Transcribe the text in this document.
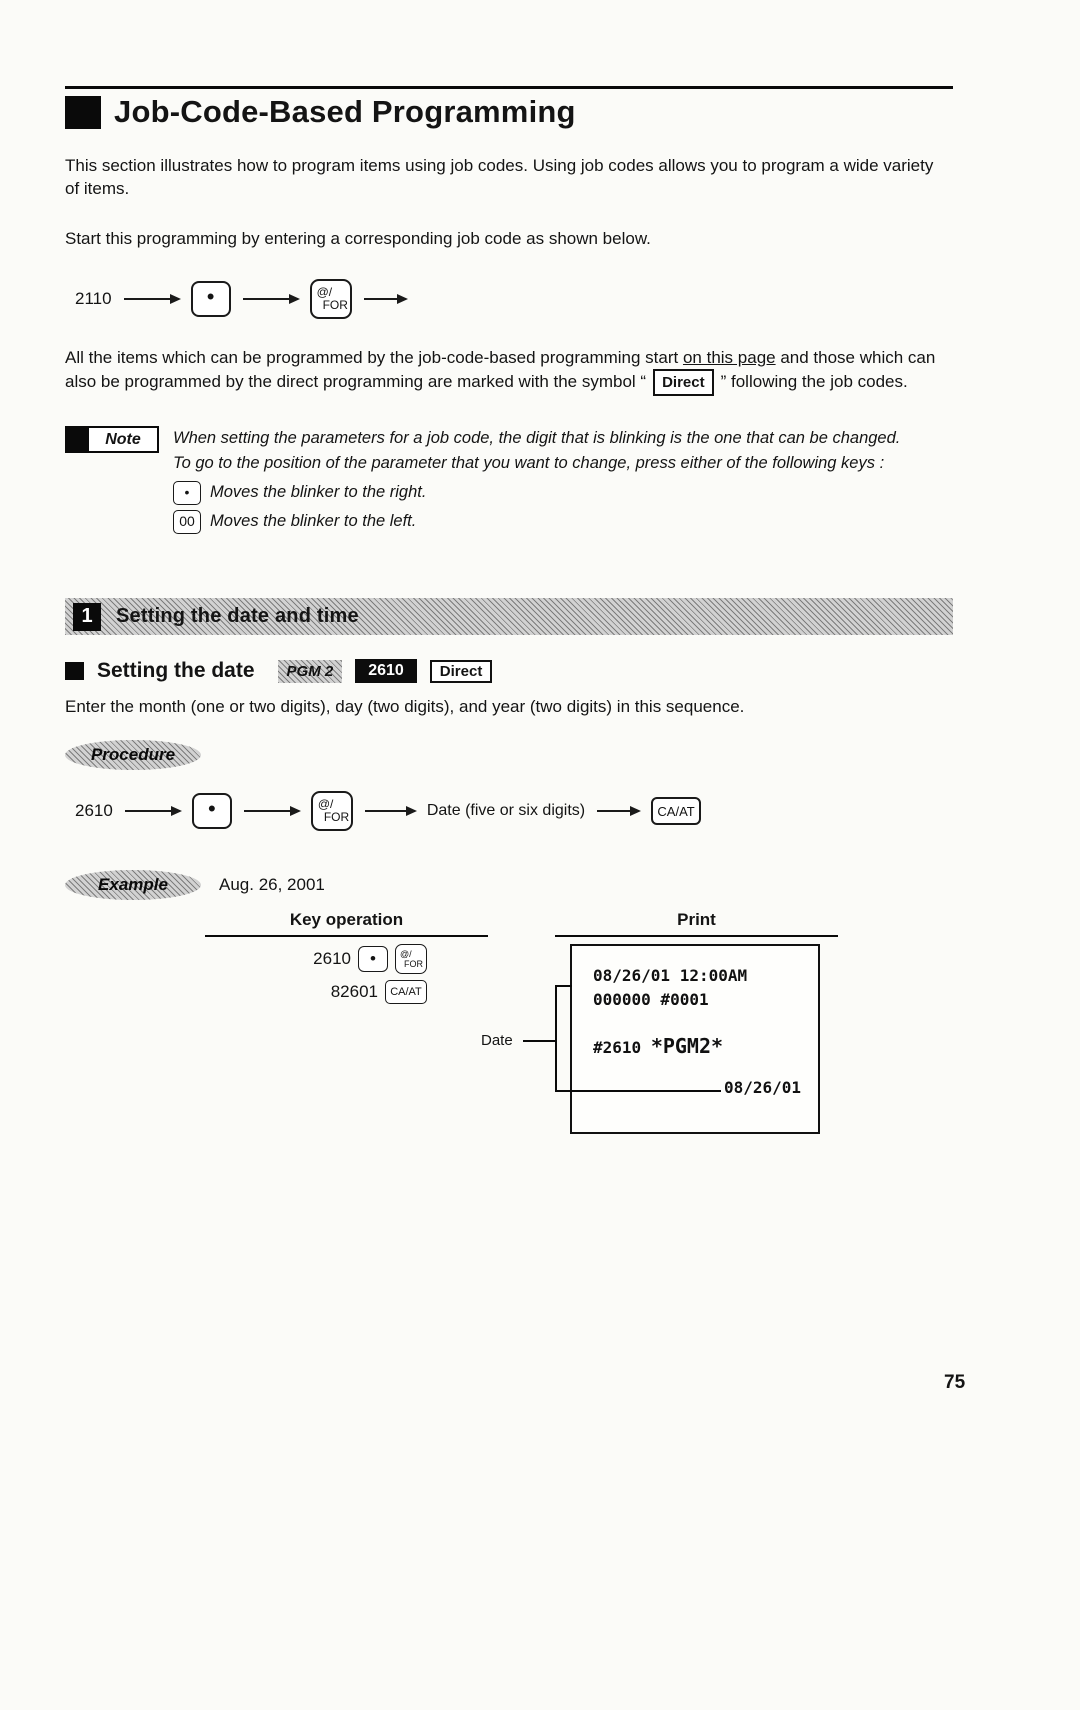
Job-Code-Based Programming

This section illustrates how to program items using job codes. Using job codes allows you to program a wide variety of items.

Start this programming by entering a corresponding job code as shown below.

2110	•	@/
FOR

All the items which can be programmed by the job-code-based programming start on this page and those which can also be programmed by the direct programming are marked with the symbol “ Direct ” following the job codes.

Note When setting the parameters for a job code, the digit that is blinking is the one that can be changed.

To go to the position of the parameter that you want to change, press either of the following keys :

• Moves the blinker to the right.
00 Moves the blinker to the left.
1 Setting the date and time
Setting the date	PGM 2	2610	Direct

Enter the month (one or two digits), day (two digits), and year (two digits) in this sequence.

Procedure
2610	•	@/
FOR	Date (five or six digits)	CA/AT
Example	Aug. 26, 2001
Key operation	Print
2610 •	@/
FOR
82601 CA/AT
08/26/01 12:00AM
000000 #0001
#2610 *PGM2*
08/26/01
Date
75
